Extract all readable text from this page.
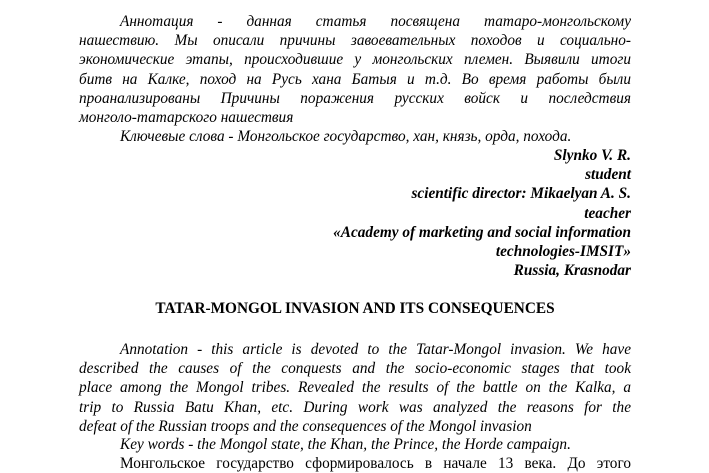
Аннотация - данная статья посвящена татаро-монгольскому
нашествию. Мы описали причины завоевательных походов и социально-
экономические этапы, происходившие у монгольских племен. Выявили итоги
битв на Калке, поход на Русь хана Батыя и т.д. Во время работы были
проанализированы Причины поражения русских войск и последствия
монголо-татарского нашествия
Ключевые слова - Монгольское государство, хан, князь, орда, похода.

Slynko V. R.

student

scientific director: Mikaelyan A. S.

teacher

«Academy of marketing and social information

technologies-IMSIT»

Russia, Krasnodar

TATAR-MONGOL INVASION AND ITS CONSEQUENCES

Annotation - this article is devoted to the Tatar-Mongol invasion. We have
described the causes of the conquests and the socio-economic stages that took
place among the Mongol tribes. Revealed the results of the battle on the Kalka, a
trip to Russia Batu Khan, etc. During work was analyzed the reasons for the
defeat of the Russian troops and the consequences of the Mongol invasion
Key words - the Mongol state, the Khan, the Prince, the Horde campaign.
Монгольское государство сформировалось в начале 13 века. До этого
